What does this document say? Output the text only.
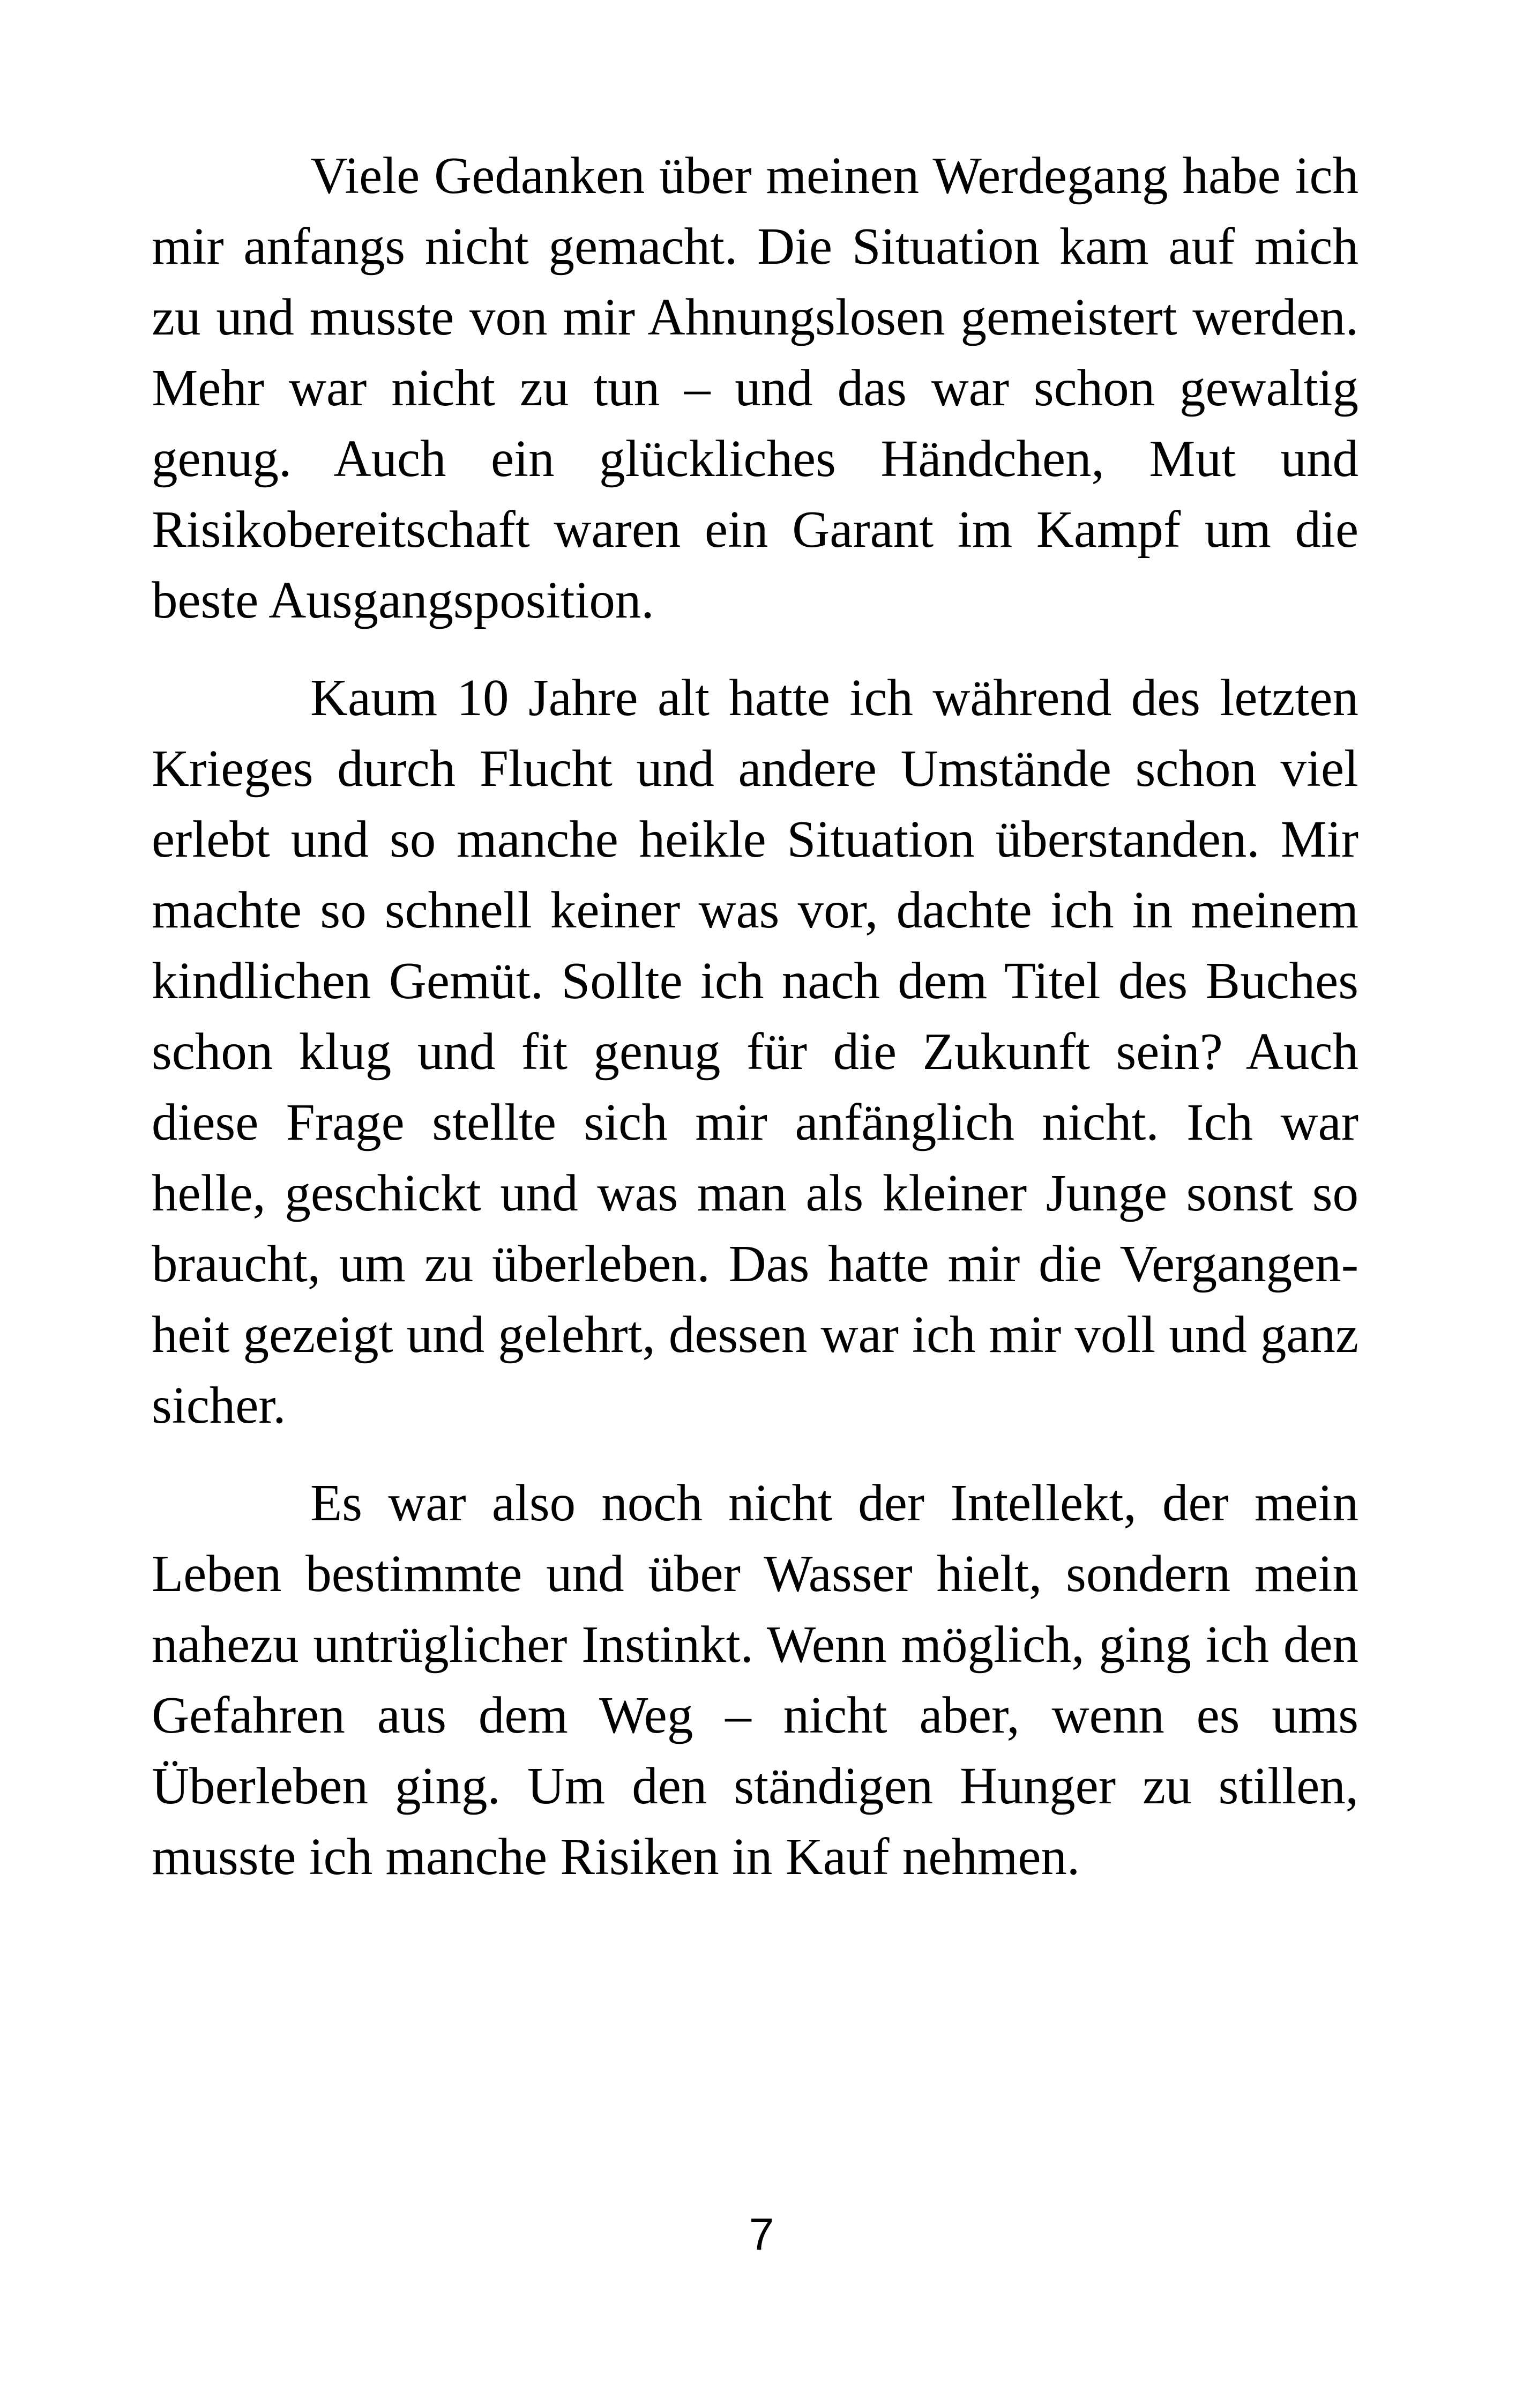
Viele Gedanken über meinen Werdegang habe ich mir anfangs nicht gemacht. Die Situation kam auf mich zu und musste von mir Ahnungslosen gemeistert werden. Mehr war nicht zu tun – und das war schon gewaltig genug. Auch ein glückliches Händchen, Mut und Risikobereitschaft waren ein Garant im Kampf um die beste Ausgangsposition.

Kaum 10 Jahre alt hatte ich während des letzten Krieges durch Flucht und andere Umstände schon viel erlebt und so manche heikle Situation überstanden. Mir machte so schnell keiner was vor, dachte ich in meinem kindlichen Gemüt. Sollte ich nach dem Titel des Buches schon klug und fit genug für die Zukunft sein? Auch diese Frage stellte sich mir anfänglich nicht. Ich war helle, geschickt und was man als kleiner Junge sonst so braucht, um zu überleben. Das hatte mir die Vergangenheit gezeigt und gelehrt, dessen war ich mir voll und ganz sicher.

Es war also noch nicht der Intellekt, der mein Leben bestimmte und über Wasser hielt, sondern mein nahezu untrüglicher Instinkt. Wenn möglich, ging ich den Gefahren aus dem Weg – nicht aber, wenn es ums Überleben ging. Um den ständigen Hunger zu stillen, musste ich manche Risiken in Kauf nehmen.

7
